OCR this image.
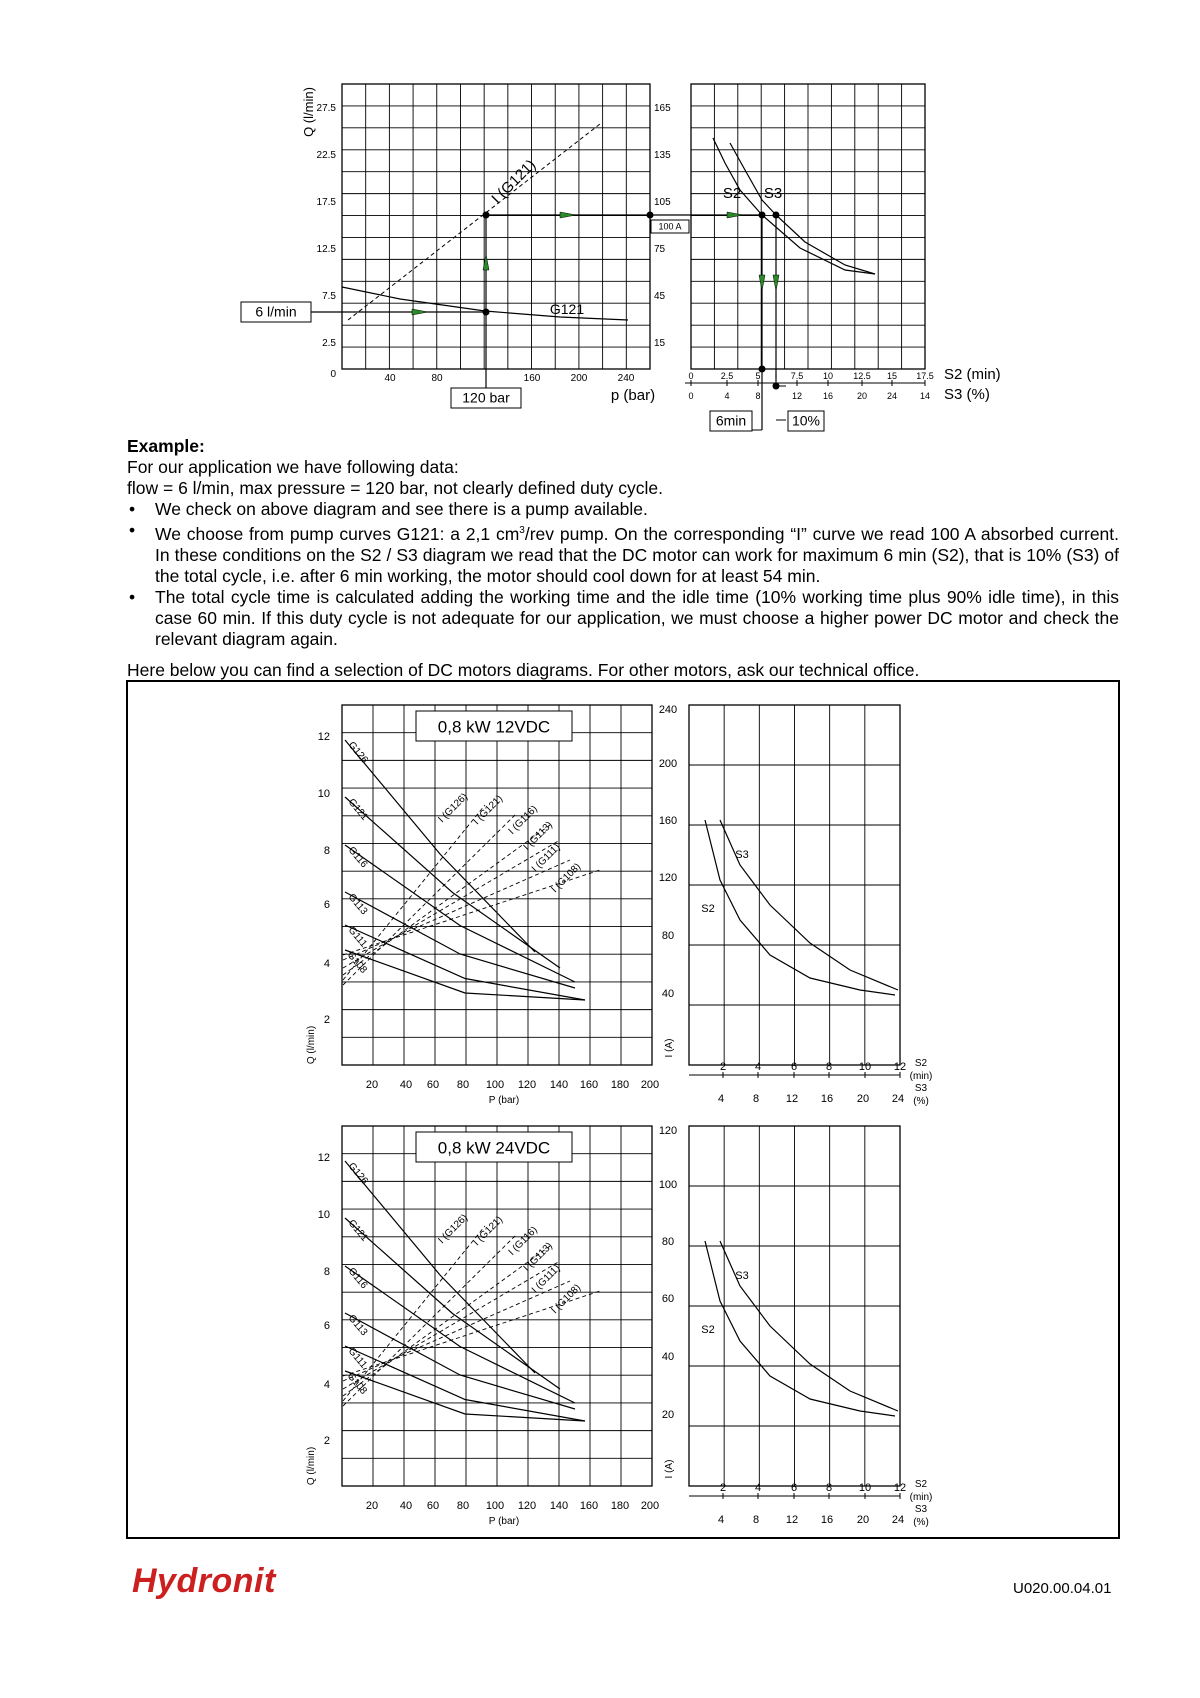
Q (l/min) 27.5
22.5
17.5
12.5
7.5
2.5
0	40	80	160	200	240
p (bar)
165
135
105
75
45
15
I (G121)
G121
6 l/min
120 bar
100 A
6min	10%
S2 S3
0	2.5 5	7.5 10 12.5 15 17.5
0	4	8	12 16	20 24	14
S2 (min)
S3 (%)
0,8 kW 12VDC
12
10
8
6
4
2
Q (l/min)
20 40 60 80 100 120 140 160 180 200
P (bar)
G126
G121
G116
G113
G111
G108
I (G126) I (G121) I (G116)
I (G113)
I (G111)
I (G108)
240
200
160
120
80
40
I (A)
S2
S3
2	4	6	8 10 12
4	8 12 16 20 24
S2
(min)
S3
(%)
0,8 kW 24VDC
12
10
8
6
4
2
Q (l/min)
20 40 60 80 100 120 140 160 180 200
P (bar)
G126
G121
G116
G113
G111
G108
I (G126) I (G121) I (G116)
I (G113)
I (G111)
I (G108)
120
100
80
60
40
20
I (A)
S2
S3
2	4	6	8 10 12
4	8 12 16 20 24
S2
(min)
S3
(%)

Example:

For our application we have following data:

flow = 6 l/min, max pressure = 120 bar, not clearly defined duty cycle.

• We check on above diagram and see there is a pump available.

• We choose from pump curves G121: a 2,1 $cm^3$/rev pump. On the corresponding “I” curve we read 100 A absorbed current. In these conditions on the S2 / S3 diagram we read that the DC motor can work for maximum 6 min (S2), that is 10% (S3) of the total cycle, i.e. after 6 min working, the motor should cool down for at least 54 min.

• The total cycle time is calculated adding the working time and the idle time (10% working time plus 90% idle time), in this case 60 min. If this duty cycle is not adequate for our application, we must choose a higher power DC motor and check the relevant diagram again.

Here below you can find a selection of DC motors diagrams. For other motors, ask our technical office.

Hydronit	U020.00.04.01
